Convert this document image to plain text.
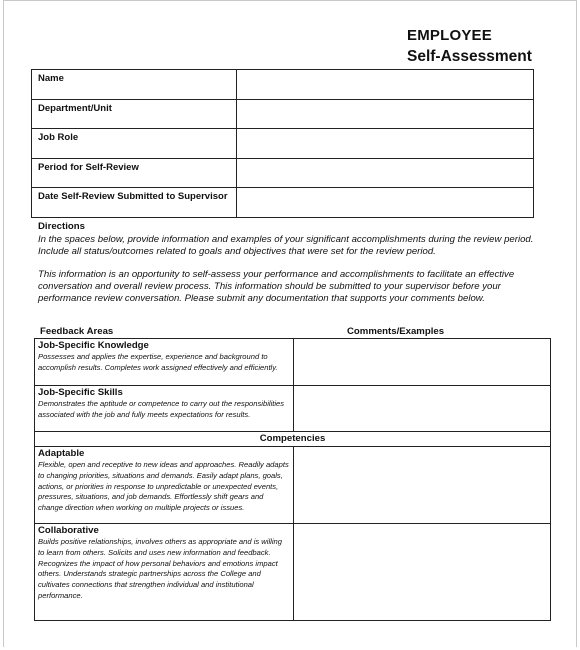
EMPLOYEE
Self-Assessment
Name	
Department/Unit	
Job Role	
Period for Self-Review	
Date Self-Review Submitted to Supervisor	
Directions

In the spaces below, provide information and examples of your significant accomplishments during the review period. Include all status/outcomes related to goals and objectives that were set for the review period.

This information is an opportunity to self-assess your performance and accomplishments to facilitate an effective conversation and overall review process. This information should be submitted to your supervisor before your performance review conversation. Please submit any documentation that supports your comments below.

Feedback Areas	Comments/Examples
Job-Specific Knowledge
Possesses and applies the expertise, experience and background to accomplish results. Completes work assigned effectively and efficiently.	

Job-Specific Skills
Demonstrates the aptitude or competence to carry out the responsibilities associated with the job and fully meets expectations for results.	

Competencies	

Adaptable
Flexible, open and receptive to new ideas and approaches. Readily adapts to changing priorities, situations and demands. Easily adapt plans, goals, actions, or priorities in response to unpredictable or unexpected events, pressures, situations, and job demands. Effortlessly shift gears and change direction when working on multiple projects or issues.	

Collaborative
Builds positive relationships, involves others as appropriate and is willing to learn from others. Solicits and uses new information and feedback. Recognizes the impact of how personal behaviors and emotions impact others. Understands strategic partnerships across the College and cultivates connections that strengthen individual and institutional performance.	
